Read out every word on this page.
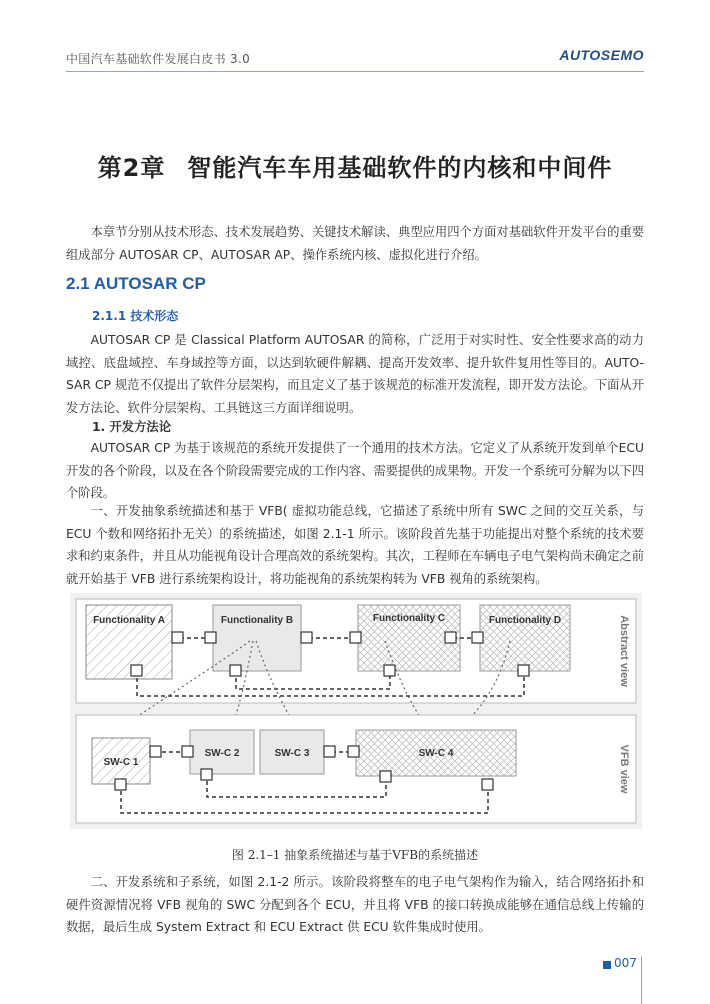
中国汽车基础软件发展白皮书 3.0	AUTOSEMO
第2章 智能汽车车用基础软件的内核和中间件
本章节分别从技术形态、技术发展趋势、关键技术解读、典型应用四个方面对基础软件开发平台的重要组成部分 AUTOSAR CP、AUTOSAR AP、操作系统内核、虚拟化进行介绍。
2.1 AUTOSAR CP
2.1.1 技术形态
AUTOSAR CP 是 Classical Platform AUTOSAR 的简称，广泛用于对实时性、安全性要求高的动力域控、底盘域控、车身域控等方面，以达到软硬件解耦、提高开发效率、提升软件复用性等目的。AUTO-SAR CP 规范不仅提出了软件分层架构，而且定义了基于该规范的标准开发流程，即开发方法论。下面从开发方法论、软件分层架构、工具链这三方面详细说明。
1. 开发方法论
AUTOSAR CP 为基于该规范的系统开发提供了一个通用的技术方法。它定义了从系统开发到单个ECU 开发的各个阶段，以及在各个阶段需要完成的工作内容、需要提供的成果物。开发一个系统可分解为以下四个阶段。
一、开发抽象系统描述和基于 VFB( 虚拟功能总线，它描述了系统中所有 SWC 之间的交互关系，与ECU 个数和网络拓扑无关）的系统描述，如图 2.1-1 所示。该阶段首先基于功能提出对整个系统的技术要求和约束条件，并且从功能视角设计合理高效的系统架构。其次，工程师在车辆电子电气架构尚未确定之前就开始基于 VFB 进行系统架构设计，将功能视角的系统架构转为 VFB 视角的系统架构。
Abstract view
Functionality A	Functionality B	Functionality C	Functionality D
VFB view
SW-C 1
SW-C 2	SW-C 3	SW-C 4
图 2.1–1 抽象系统描述与基于VFB的系统描述
二、开发系统和子系统，如图 2.1-2 所示。该阶段将整车的电子电气架构作为输入，结合网络拓扑和硬件资源情况将 VFB 视角的 SWC 分配到各个 ECU，并且将 VFB 的接口转换成能够在通信总线上传输的数据，最后生成 System Extract 和 ECU Extract 供 ECU 软件集成时使用。
007
